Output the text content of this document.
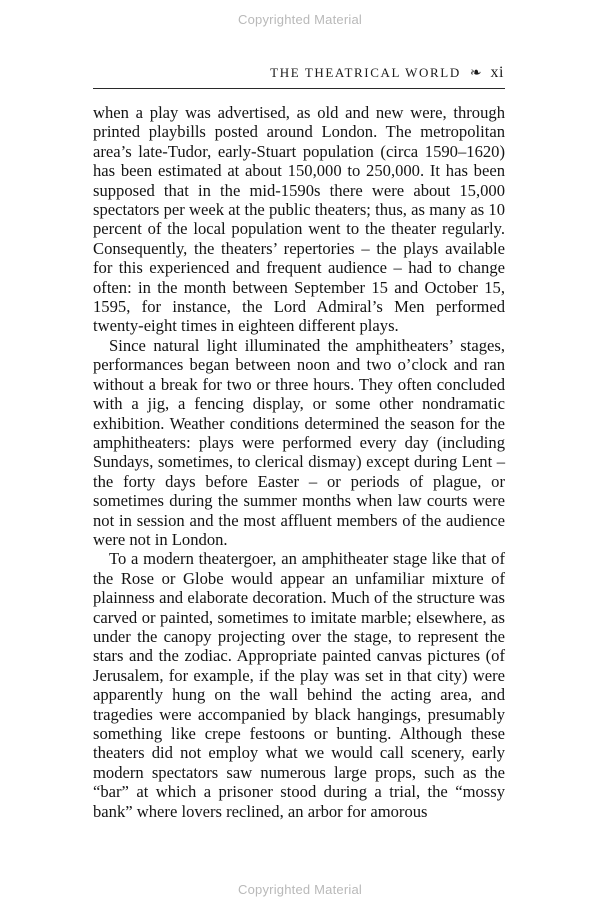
Copyrighted Material
THE THEATRICAL WORLD ❧ xi

when a play was advertised, as old and new were, through printed playbills posted around London. The metropolitan area’s late-Tudor, early-Stuart population (circa 1590–1620) has been estimated at about 150,000 to 250,000. It has been supposed that in the mid-1590s there were about 15,000 spectators per week at the public theaters; thus, as many as 10 percent of the local population went to the theater regularly. Consequently, the theaters’ repertories – the plays available for this experienced and frequent audience – had to change often: in the month between September 15 and October 15, 1595, for instance, the Lord Admiral’s Men performed twenty-eight times in eighteen different plays.

Since natural light illuminated the amphitheaters’ stages, performances began between noon and two o’clock and ran without a break for two or three hours. They often concluded with a jig, a fencing display, or some other nondramatic exhibition. Weather conditions determined the season for the amphitheaters: plays were performed every day (including Sundays, sometimes, to clerical dismay) except during Lent – the forty days before Easter – or periods of plague, or sometimes during the summer months when law courts were not in session and the most affluent members of the audience were not in London.

To a modern theatergoer, an amphitheater stage like that of the Rose or Globe would appear an unfamiliar mixture of plainness and elaborate decoration. Much of the structure was carved or painted, sometimes to imitate marble; elsewhere, as under the canopy projecting over the stage, to represent the stars and the zodiac. Appropriate painted canvas pictures (of Jerusalem, for example, if the play was set in that city) were apparently hung on the wall behind the acting area, and tragedies were accompanied by black hangings, presumably something like crepe festoons or bunting. Although these theaters did not employ what we would call scenery, early modern spectators saw numerous large props, such as the “bar” at which a prisoner stood during a trial, the “mossy bank” where lovers reclined, an arbor for amorous

Copyrighted Material
